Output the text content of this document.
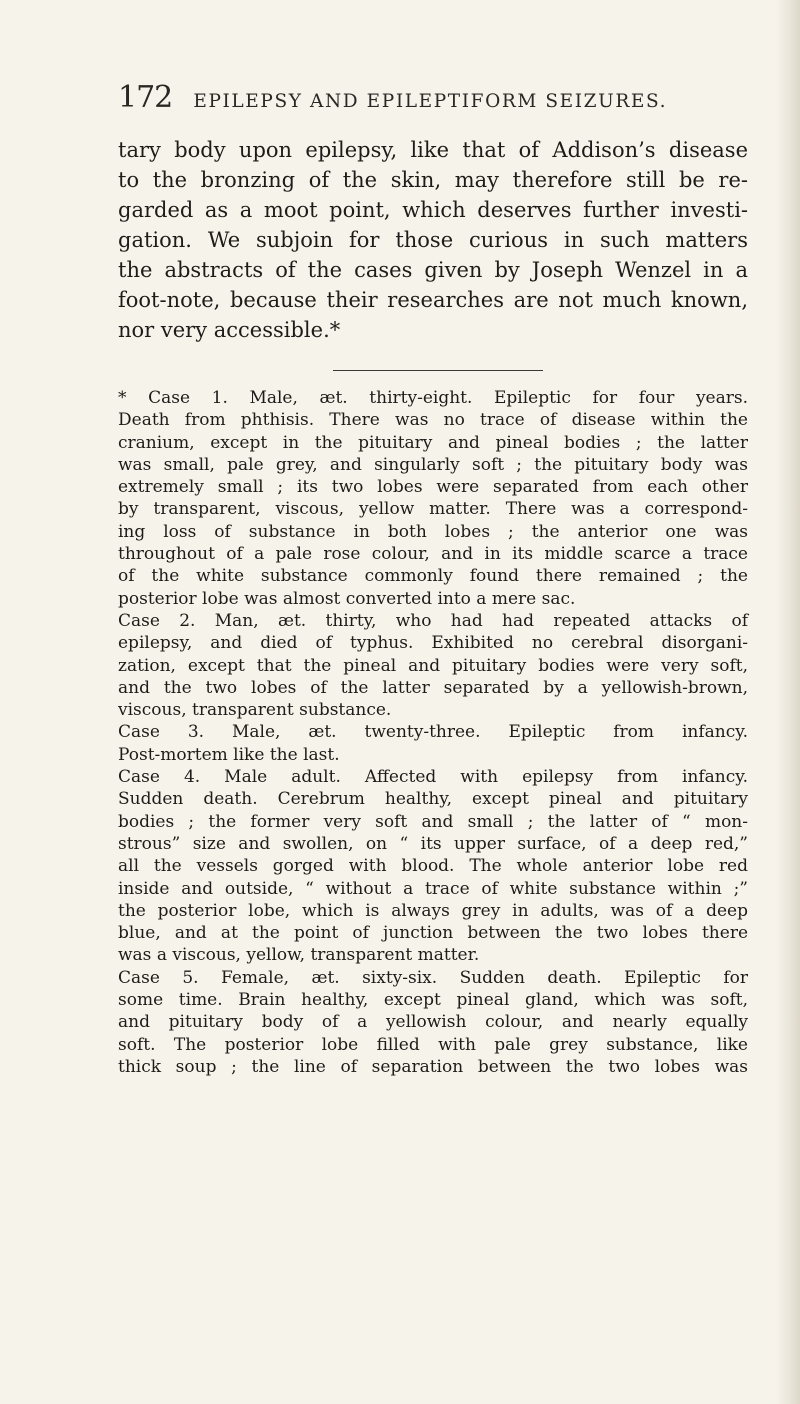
172 EPILEPSY AND EPILEPTIFORM SEIZURES.
tary body upon epilepsy, like that of Addison’s disease
to the bronzing of the skin, may therefore still be re-
garded as a moot point, which deserves further investi-
gation. We subjoin for those curious in such matters
the abstracts of the cases given by Joseph Wenzel in a
foot-note, because their researches are not much known,
nor very accessible.*
* Case 1. Male, æt. thirty-eight. Epileptic for four years.
Death from phthisis. There was no trace of disease within the
cranium, except in the pituitary and pineal bodies ; the latter
was small, pale grey, and singularly soft ; the pituitary body was
extremely small ; its two lobes were separated from each other
by transparent, viscous, yellow matter. There was a correspond-
ing loss of substance in both lobes ; the anterior one was
throughout of a pale rose colour, and in its middle scarce a trace
of the white substance commonly found there remained ; the
posterior lobe was almost converted into a mere sac.
Case 2. Man, æt. thirty, who had had repeated attacks of
epilepsy, and died of typhus. Exhibited no cerebral disorgani-
zation, except that the pineal and pituitary bodies were very soft,
and the two lobes of the latter separated by a yellowish-brown,
viscous, transparent substance.
Case 3. Male, æt. twenty-three. Epileptic from infancy.
Post-mortem like the last.
Case 4. Male adult. Affected with epilepsy from infancy.
Sudden death. Cerebrum healthy, except pineal and pituitary
bodies ; the former very soft and small ; the latter of “ mon-
strous” size and swollen, on “ its upper surface, of a deep red,”
all the vessels gorged with blood. The whole anterior lobe red
inside and outside, “ without a trace of white substance within ;”
the posterior lobe, which is always grey in adults, was of a deep
blue, and at the point of junction between the two lobes there
was a viscous, yellow, transparent matter.
Case 5. Female, æt. sixty-six. Sudden death. Epileptic for
some time. Brain healthy, except pineal gland, which was soft,
and pituitary body of a yellowish colour, and nearly equally
soft. The posterior lobe filled with pale grey substance, like
thick soup ; the line of separation between the two lobes was
